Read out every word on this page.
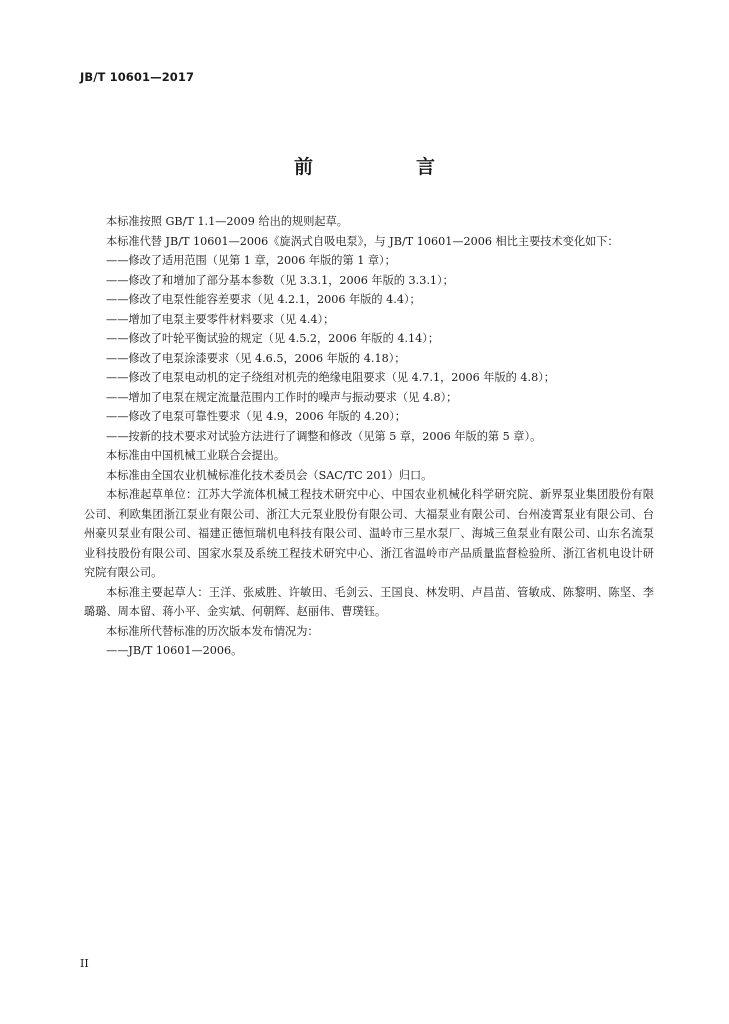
JB/T 10601—2017
前　言

本标准按照 GB/T 1.1—2009 给出的规则起草。

本标准代替 JB/T 10601—2006《旋涡式自吸电泵》，与 JB/T 10601—2006 相比主要技术变化如下：

——修改了适用范围（见第 1 章，2006 年版的第 1 章）；

——修改了和增加了部分基本参数（见 3.3.1，2006 年版的 3.3.1）；

——修改了电泵性能容差要求（见 4.2.1，2006 年版的 4.4）；

——增加了电泵主要零件材料要求（见 4.4）；

——修改了叶轮平衡试验的规定（见 4.5.2，2006 年版的 4.14）；

——修改了电泵涂漆要求（见 4.6.5，2006 年版的 4.18）；

——修改了电泵电动机的定子绕组对机壳的绝缘电阻要求（见 4.7.1，2006 年版的 4.8）；

——增加了电泵在规定流量范围内工作时的噪声与振动要求（见 4.8）；

——修改了电泵可靠性要求（见 4.9，2006 年版的 4.20）；

——按新的技术要求对试验方法进行了调整和修改（见第 5 章，2006 年版的第 5 章）。

本标准由中国机械工业联合会提出。

本标准由全国农业机械标准化技术委员会（SAC/TC 201）归口。

本标准起草单位：江苏大学流体机械工程技术研究中心、中国农业机械化科学研究院、新界泵业集团股份有限公司、利欧集团浙江泵业有限公司、浙江大元泵业股份有限公司、大福泵业有限公司、台州凌霄泵业有限公司、台州豪贝泵业有限公司、福建正德恒瑞机电科技有限公司、温岭市三星水泵厂、海城三鱼泵业有限公司、山东名流泵业科技股份有限公司、国家水泵及系统工程技术研究中心、浙江省温岭市产品质量监督检验所、浙江省机电设计研究院有限公司。

本标准主要起草人：王洋、张威胜、许敏田、毛剑云、王国良、林发明、卢昌苗、管敏成、陈黎明、陈坚、李璐璐、周本留、蒋小平、金实斌、何朝辉、赵丽伟、曹璞钰。

本标准所代替标准的历次版本发布情况为：

——JB/T 10601—2006。

II
